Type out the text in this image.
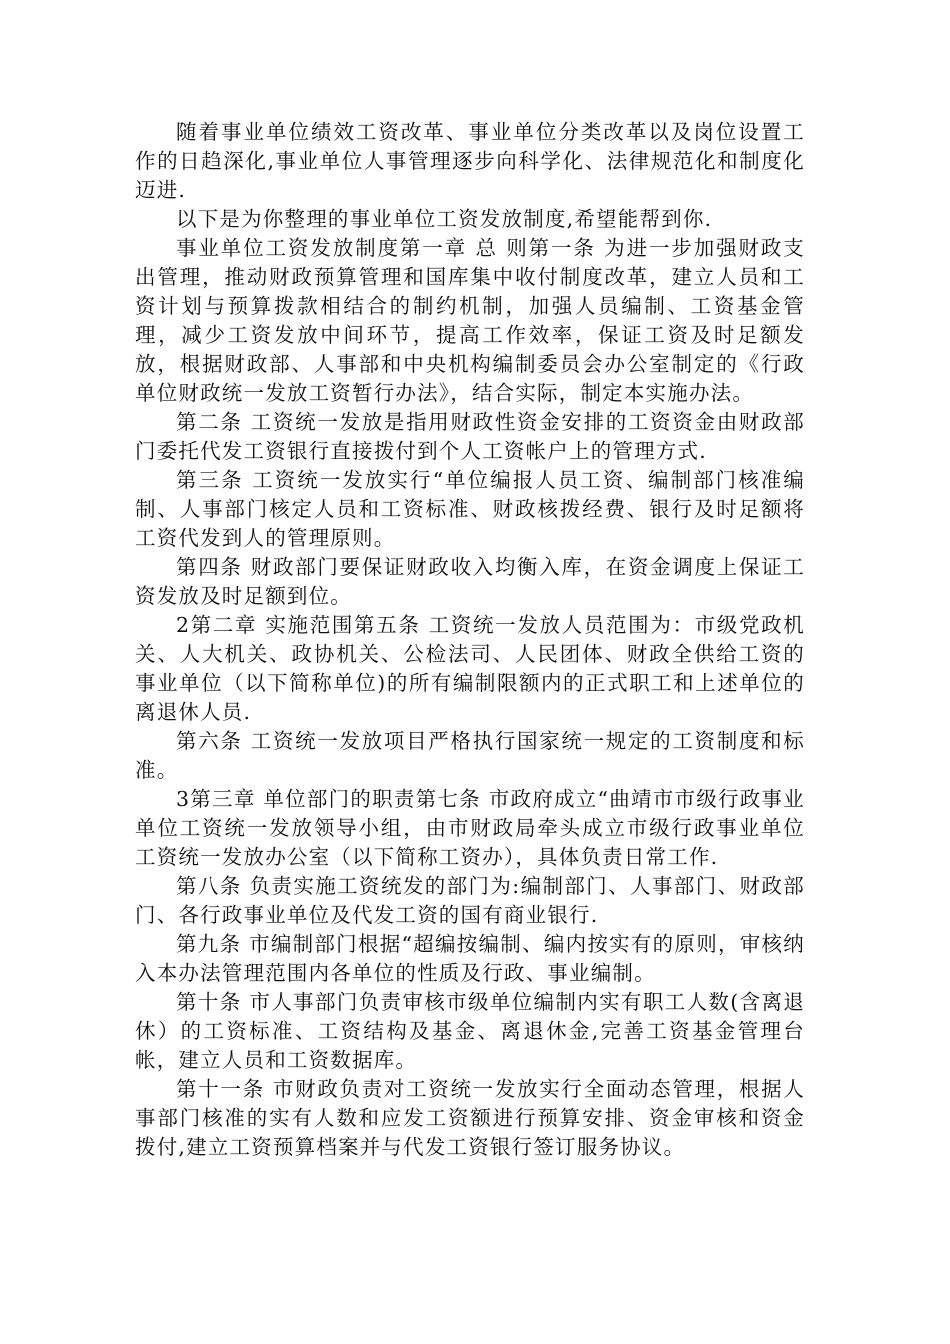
随着事业单位绩效工资改革、事业单位分类改革以及岗位设置工作的日趋深化,事业单位人事管理逐步向科学化、法律规范化和制度化迈进.

以下是为你整理的事业单位工资发放制度,希望能帮到你.

事业单位工资发放制度第一章 总 则第一条 为进一步加强财政支出管理，推动财政预算管理和国库集中收付制度改革，建立人员和工资计划与预算拨款相结合的制约机制，加强人员编制、工资基金管理，减少工资发放中间环节，提高工作效率，保证工资及时足额发放，根据财政部、人事部和中央机构编制委员会办公室制定的《行政单位财政统一发放工资暂行办法》，结合实际，制定本实施办法。

第二条 工资统一发放是指用财政性资金安排的工资资金由财政部门委托代发工资银行直接拨付到个人工资帐户上的管理方式.

第三条 工资统一发放实行“单位编报人员工资、编制部门核准编制、人事部门核定人员和工资标准、财政核拨经费、银行及时足额将工资代发到人的管理原则。

第四条 财政部门要保证财政收入均衡入库，在资金调度上保证工资发放及时足额到位。

2第二章 实施范围第五条 工资统一发放人员范围为：市级党政机关、人大机关、政协机关、公检法司、人民团体、财政全供给工资的事业单位（以下简称单位)的所有编制限额内的正式职工和上述单位的离退休人员.

第六条 工资统一发放项目严格执行国家统一规定的工资制度和标准。

3第三章 单位部门的职责第七条 市政府成立“曲靖市市级行政事业单位工资统一发放领导小组，由市财政局牵头成立市级行政事业单位工资统一发放办公室（以下简称工资办），具体负责日常工作.

第八条 负责实施工资统发的部门为:编制部门、人事部门、财政部门、各行政事业单位及代发工资的国有商业银行.

第九条 市编制部门根据“超编按编制、编内按实有的原则，审核纳入本办法管理范围内各单位的性质及行政、事业编制。

第十条 市人事部门负责审核市级单位编制内实有职工人数(含离退休）的工资标准、工资结构及基金、离退休金,完善工资基金管理台帐，建立人员和工资数据库。

第十一条 市财政负责对工资统一发放实行全面动态管理，根据人事部门核准的实有人数和应发工资额进行预算安排、资金审核和资金拨付,建立工资预算档案并与代发工资银行签订服务协议。
